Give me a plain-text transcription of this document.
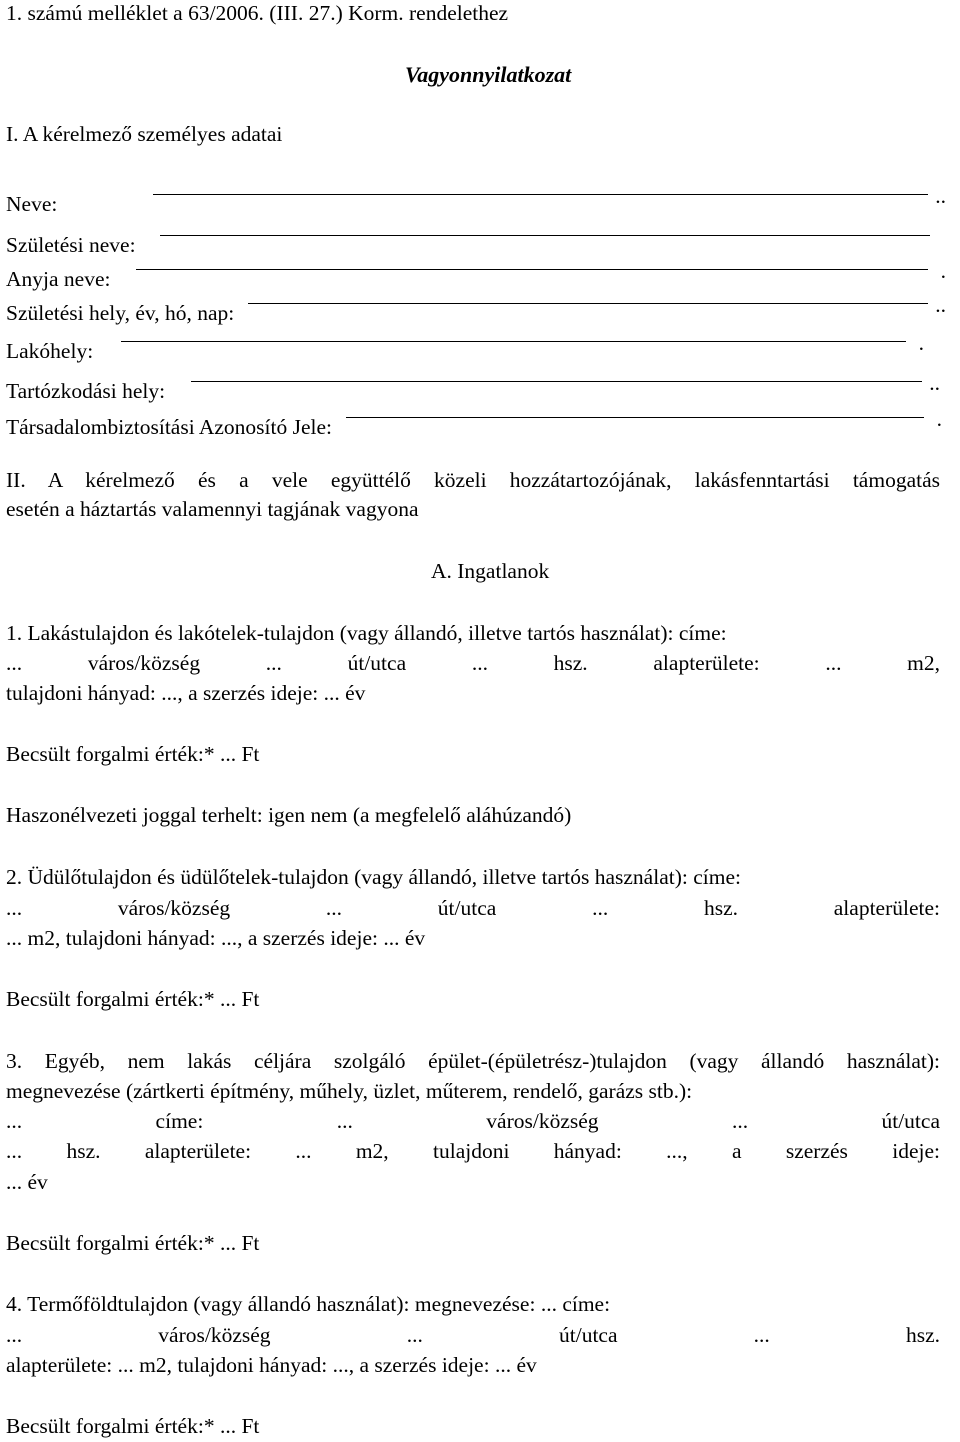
1. számú melléklet a 63/2006. (III. 27.) Korm. rendelethez
Vagyonnyilatkozat
I. A kérelmező személyes adatai
Neve:	..
Születési neve:
Anyja neve:	.
Születési hely, év, hó, nap:	..
Lakóhely:	.
Tartózkodási hely:	..
Társadalombiztosítási Azonosító Jele:	.
II. A kérelmező és a vele együttélő közeli hozzátartozójának, lakásfenntartási támogatás
esetén a háztartás valamennyi tagjának vagyona
A. Ingatlanok
1. Lakástulajdon és lakótelek-tulajdon (vagy állandó, illetve tartós használat): címe:
... város/község ... út/utca ... hsz. alapterülete: ... m2,
tulajdoni hányad: ..., a szerzés ideje: ... év
Becsült forgalmi érték:* ... Ft
Haszonélvezeti joggal terhelt: igen nem (a megfelelő aláhúzandó)
2. Üdülőtulajdon és üdülőtelek-tulajdon (vagy állandó, illetve tartós használat): címe:
... város/község ... út/utca ... hsz. alapterülete:
... m2, tulajdoni hányad: ..., a szerzés ideje: ... év
Becsült forgalmi érték:* ... Ft
3. Egyéb, nem lakás céljára szolgáló épület-(épületrész-)tulajdon (vagy állandó használat):
megnevezése (zártkerti építmény, műhely, üzlet, műterem, rendelő, garázs stb.):
... címe: ... város/község ... út/utca
... hsz. alapterülete: ... m2, tulajdoni hányad: ..., a szerzés ideje:
... év
Becsült forgalmi érték:* ... Ft
4. Termőföldtulajdon (vagy állandó használat): megnevezése: ... címe:
... város/község ... út/utca ... hsz.
alapterülete: ... m2, tulajdoni hányad: ..., a szerzés ideje: ... év
Becsült forgalmi érték:* ... Ft
